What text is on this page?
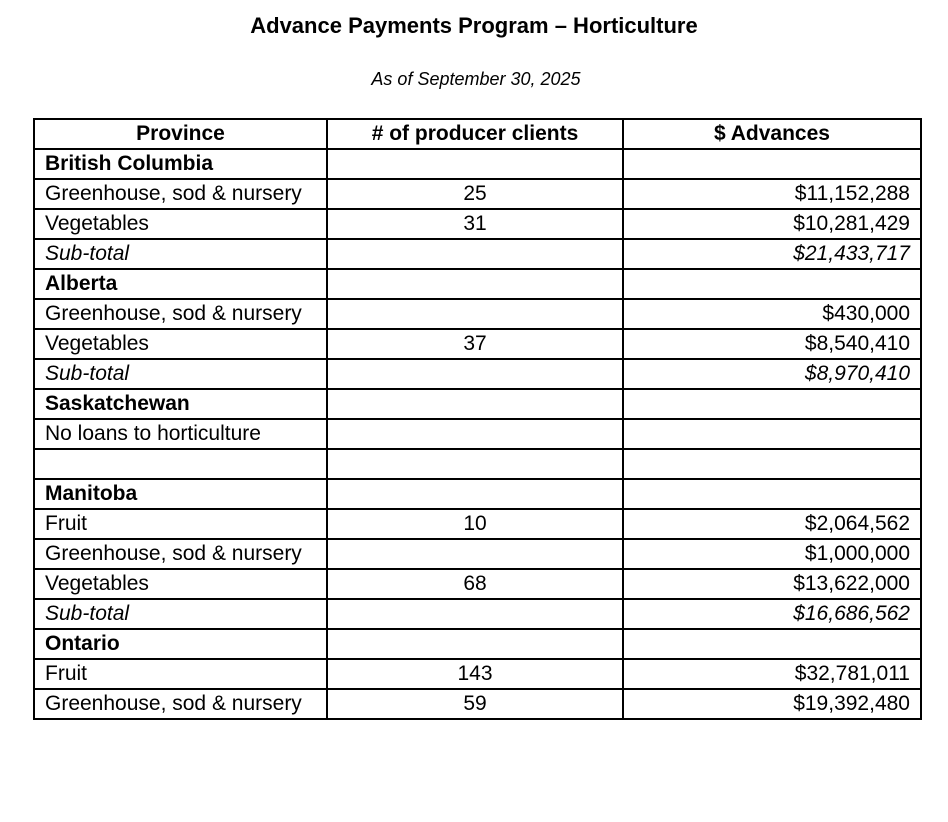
Advance Payments Program – Horticulture
As of September 30, 2025
Province	# of producer clients	$ Advances
British Columbia		
Greenhouse, sod & nursery	25	$11,152,288
Vegetables	31	$10,281,429
Sub-total		$21,433,717
Alberta		
Greenhouse, sod & nursery		$430,000
Vegetables	37	$8,540,410
Sub-total		$8,970,410
Saskatchewan		
No loans to horticulture		

Manitoba		
Fruit	10	$2,064,562
Greenhouse, sod & nursery		$1,000,000
Vegetables	68	$13,622,000
Sub-total		$16,686,562
Ontario		
Fruit	143	$32,781,011
Greenhouse, sod & nursery	59	$19,392,480
